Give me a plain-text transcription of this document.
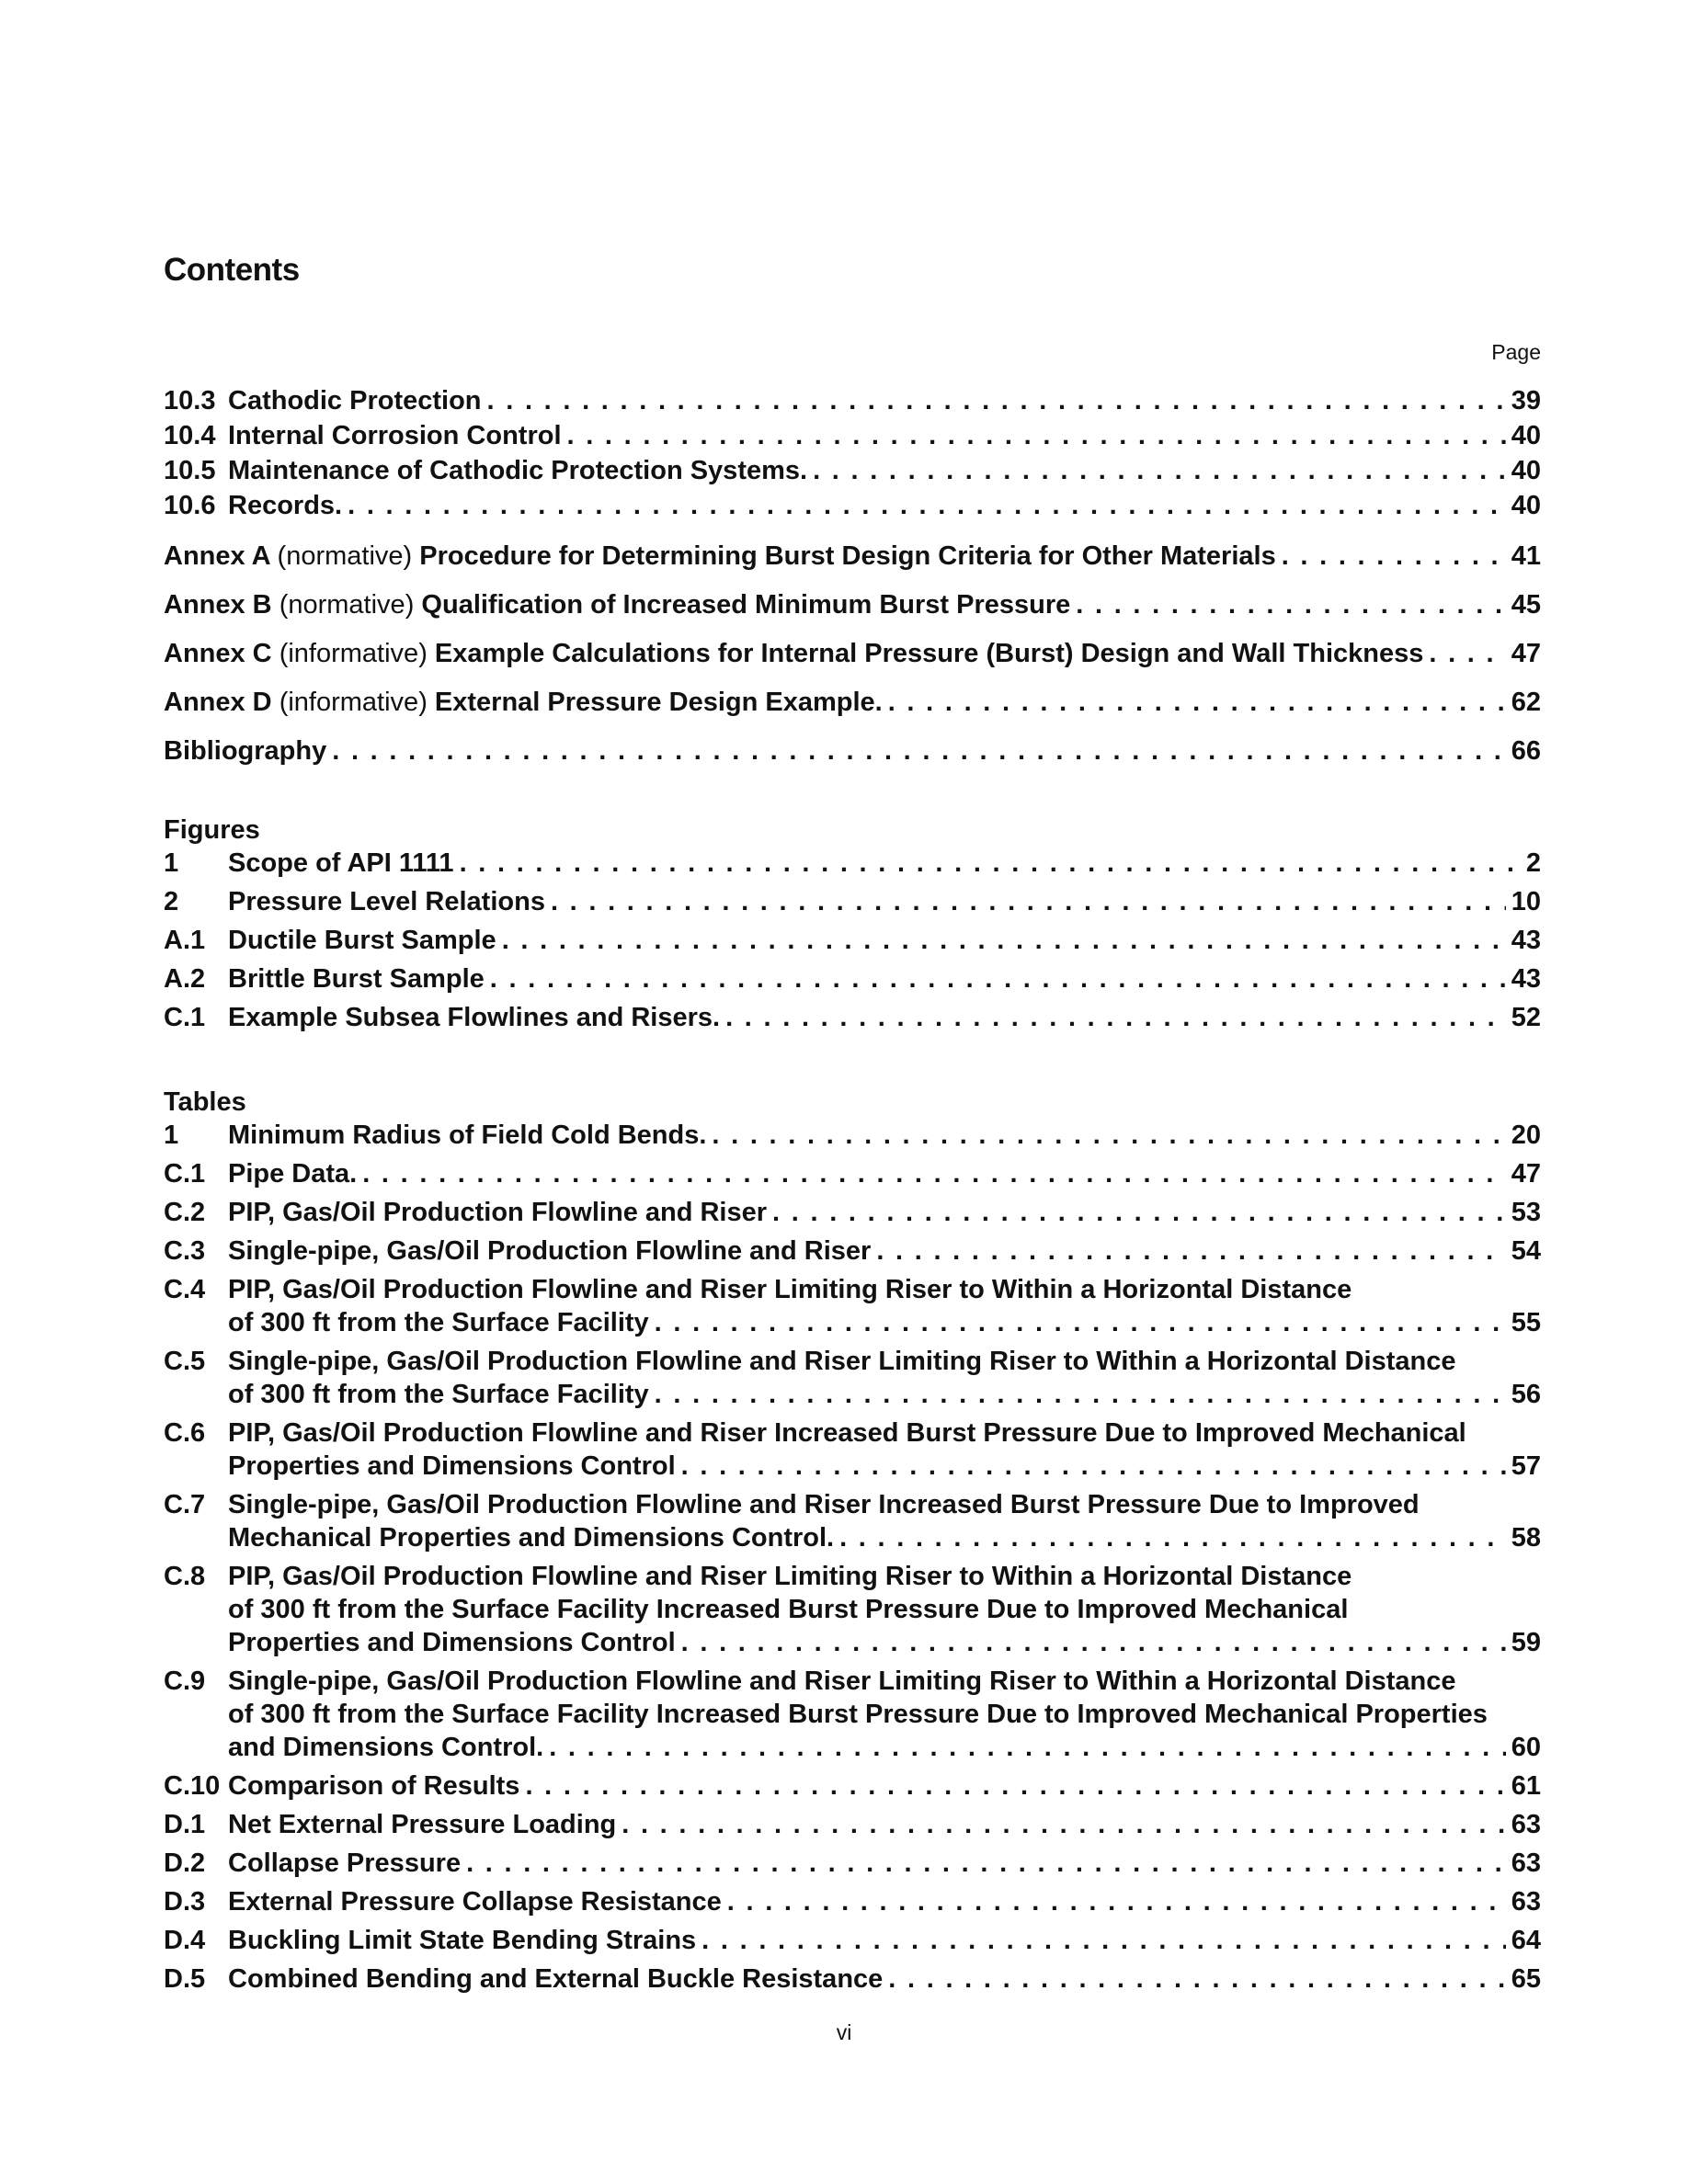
Contents
Page
10.3 Cathodic Protection . . .	39
10.4 Internal Corrosion Control . . .	40
10.5 Maintenance of Cathodic Protection Systems. . . .	40
10.6 Records. . . .	40
Annex A (normative) Procedure for Determining Burst Design Criteria for Other Materials . . .	41
Annex B (normative) Qualification of Increased Minimum Burst Pressure . . .	45
Annex C (informative) Example Calculations for Internal Pressure (Burst) Design and Wall Thickness . . .	47
Annex D (informative) External Pressure Design Example. . . .	62
Bibliography . . .	66
Figures
1	Scope of API 1111 . . .	2
2	Pressure Level Relations . . .	10
A.1 Ductile Burst Sample . . .	43
A.2 Brittle Burst Sample . . .	43
C.1 Example Subsea Flowlines and Risers. . . .	52
Tables
1	Minimum Radius of Field Cold Bends. . . .	20
C.1 Pipe Data. . . .	47
C.2 PIP, Gas/Oil Production Flowline and Riser . . .	53
C.3 Single-pipe, Gas/Oil Production Flowline and Riser . . .	54
C.4 PIP, Gas/Oil Production Flowline and Riser Limiting Riser to Within a Horizontal Distance
of 300 ft from the Surface Facility . . .	55
C.5 Single-pipe, Gas/Oil Production Flowline and Riser Limiting Riser to Within a Horizontal Distance
of 300 ft from the Surface Facility . . .	56
C.6 PIP, Gas/Oil Production Flowline and Riser Increased Burst Pressure Due to Improved Mechanical
Properties and Dimensions Control . . .	57
C.7 Single-pipe, Gas/Oil Production Flowline and Riser Increased Burst Pressure Due to Improved
Mechanical Properties and Dimensions Control. . . .	58
C.8 PIP, Gas/Oil Production Flowline and Riser Limiting Riser to Within a Horizontal Distance
of 300 ft from the Surface Facility Increased Burst Pressure Due to Improved Mechanical
Properties and Dimensions Control . . .	59
C.9 Single-pipe, Gas/Oil Production Flowline and Riser Limiting Riser to Within a Horizontal Distance
of 300 ft from the Surface Facility Increased Burst Pressure Due to Improved Mechanical Properties
and Dimensions Control. . . .	60
C.10 Comparison of Results . . .	61
D.1 Net External Pressure Loading . . .	63
D.2 Collapse Pressure . . .	63
D.3 External Pressure Collapse Resistance . . .	63
D.4 Buckling Limit State Bending Strains . . .	64
D.5 Combined Bending and External Buckle Resistance . . .	65
vi
